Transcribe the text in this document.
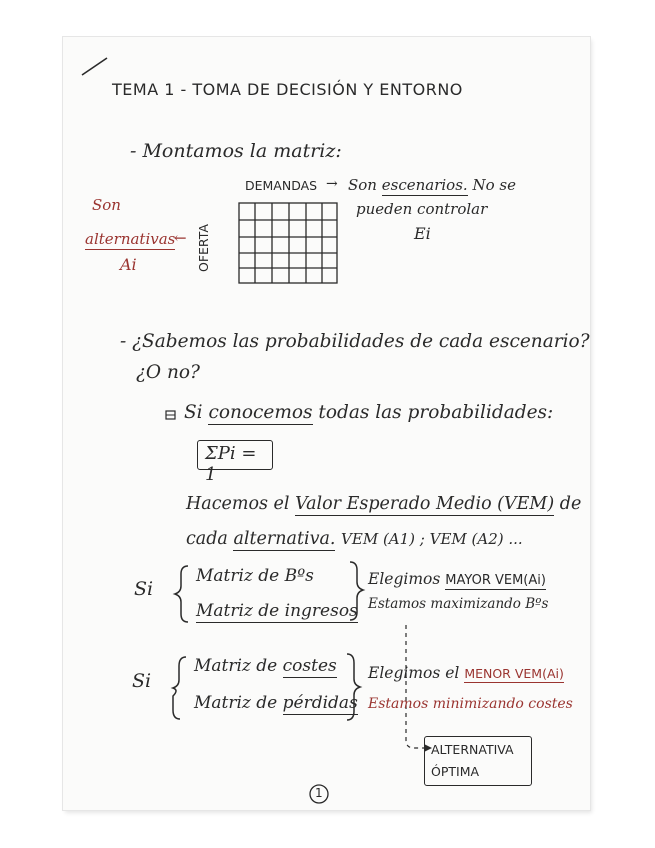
TEMA 1 - TOMA DE DECISIÓN Y ENTORNO
- Montamos la matriz:
DEMANDAS → Son escenarios. No se
pueden controlar
Ei
OFERTA
Son
alternativas
←
Ai
- ¿Sabemos las probabilidades de cada escenario?
¿O no?
Si conocemos todas las probabilidades:
ΣPi = 1
Hacemos el Valor Esperado Medio (VEM) de
cada alternativa. VEM (A1) ; VEM (A2) ...
Si
Matriz de Bºs
Matriz de ingresos
Elegimos MAYOR VEM(Ai)
Estamos maximizando Bºs
Si
Matriz de costes
Matriz de pérdidas
Elegimos el MENOR VEM(Ai)
Estamos minimizando costes
ALTERNATIVA
ÓPTIMA
1
